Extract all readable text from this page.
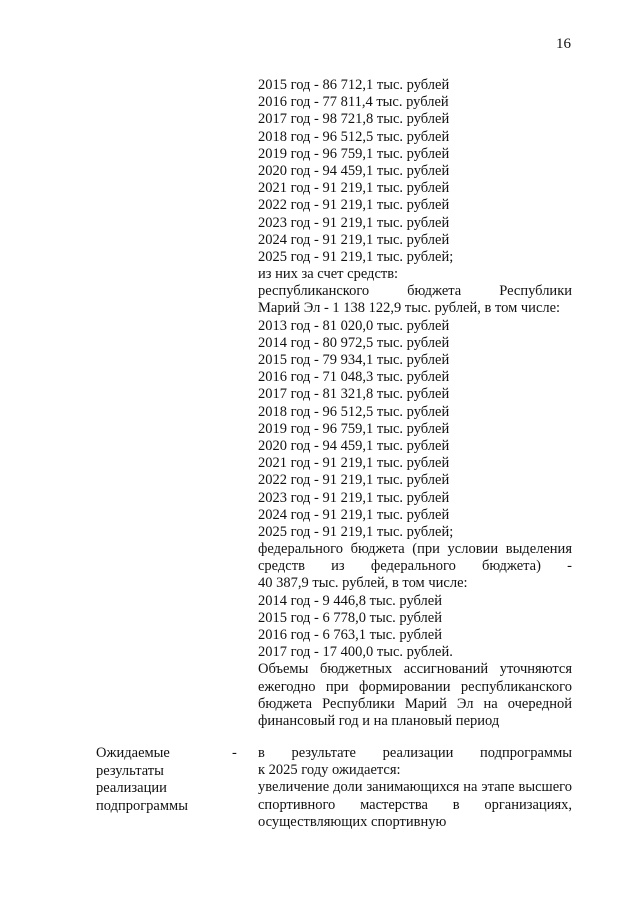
16
2015 год - 86 712,1 тыс. рублей
2016 год - 77 811,4 тыс. рублей
2017 год - 98 721,8 тыс. рублей
2018 год - 96 512,5 тыс. рублей
2019 год - 96 759,1 тыс. рублей
2020 год - 94 459,1 тыс. рублей
2021 год - 91 219,1 тыс. рублей
2022 год - 91 219,1 тыс. рублей
2023 год - 91 219,1 тыс. рублей
2024 год - 91 219,1 тыс. рублей
2025 год - 91 219,1 тыс. рублей;
из них за счет средств:
республиканского бюджета Республики
Марий Эл - 1 138 122,9 тыс. рублей, в том числе:
2013 год - 81 020,0 тыс. рублей
2014 год - 80 972,5 тыс. рублей
2015 год - 79 934,1 тыс. рублей
2016 год - 71 048,3 тыс. рублей
2017 год - 81 321,8 тыс. рублей
2018 год - 96 512,5 тыс. рублей
2019 год - 96 759,1 тыс. рублей
2020 год - 94 459,1 тыс. рублей
2021 год - 91 219,1 тыс. рублей
2022 год - 91 219,1 тыс. рублей
2023 год - 91 219,1 тыс. рублей
2024 год - 91 219,1 тыс. рублей
2025 год - 91 219,1 тыс. рублей;
федерального бюджета (при условии выделения
средств из федерального бюджета) -
40 387,9 тыс. рублей, в том числе:
2014 год - 9 446,8 тыс. рублей
2015 год - 6 778,0 тыс. рублей
2016 год - 6 763,1 тыс. рублей
2017 год - 17 400,0 тыс. рублей.
Объемы бюджетных ассигнований уточняются ежегодно при формировании республиканского бюджета Республики Марий Эл на очередной финансовый год и на плановый период
Ожидаемые результаты реализации подпрограммы
- в результате реализации подпрограммы
к 2025 году ожидается:
увеличение доли занимающихся на этапе высшего спортивного мастерства в организациях, осуществляющих спортивную
